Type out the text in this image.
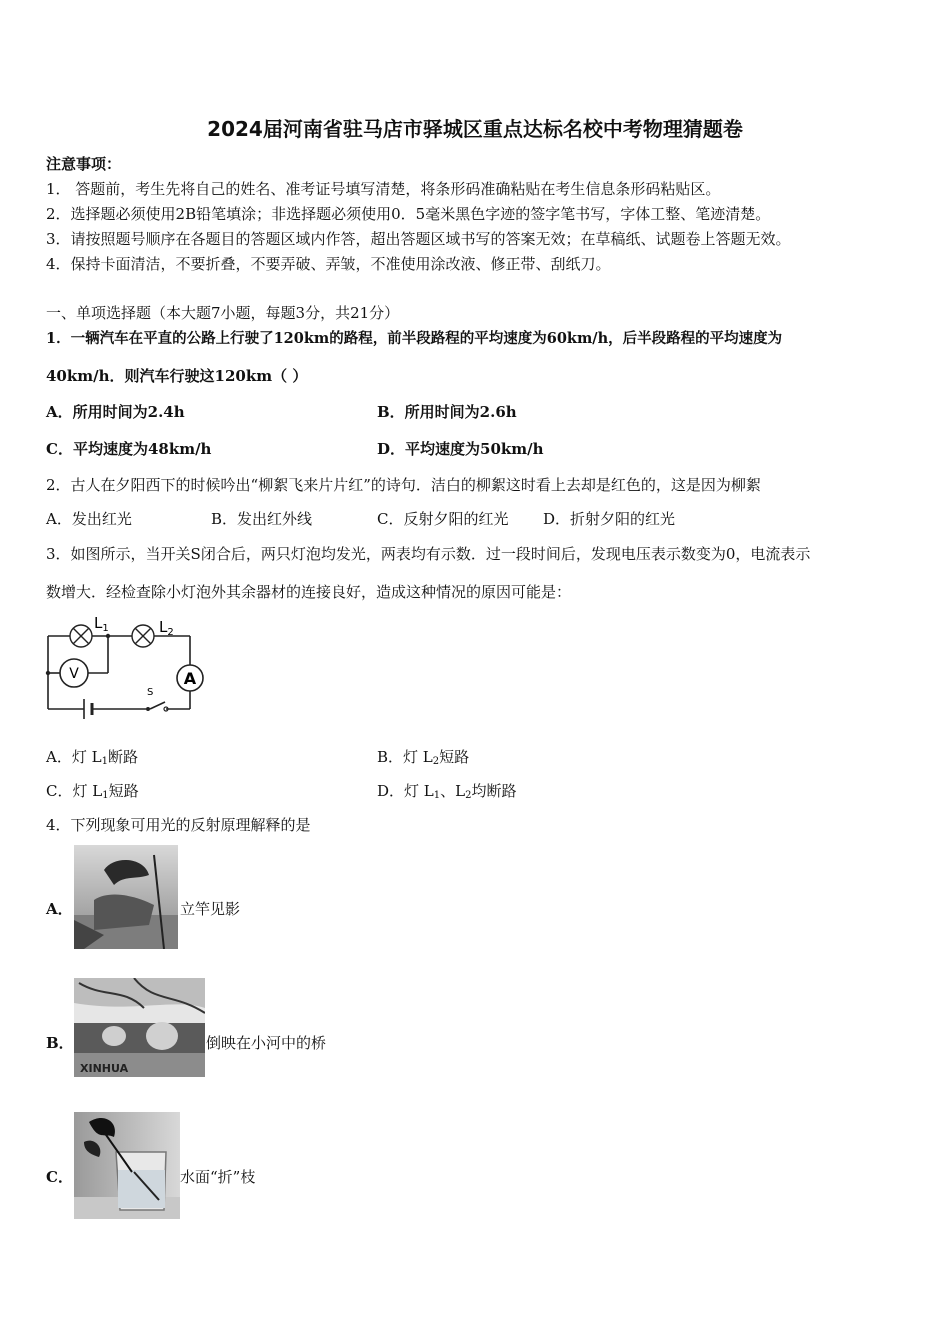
2024届河南省驻马店市驿城区重点达标名校中考物理猜题卷
注意事项：
1． 答题前，考生先将自己的姓名、准考证号填写清楚，将条形码准确粘贴在考生信息条形码粘贴区。
2．选择题必须使用2B铅笔填涂；非选择题必须使用0．5毫米黑色字迹的签字笔书写，字体工整、笔迹清楚。
3．请按照题号顺序在各题目的答题区域内作答，超出答题区域书写的答案无效；在草稿纸、试题卷上答题无效。
4．保持卡面清洁，不要折叠，不要弄破、弄皱，不准使用涂改液、修正带、刮纸刀。
一、单项选择题（本大题7小题，每题3分，共21分）
1．一辆汽车在平直的公路上行驶了120km的路程，前半段路程的平均速度为60km/h，后半段路程的平均速度为
40km/h．则汽车行驶这120km（ ）
A．所用时间为2.4h	B．所用时间为2.6h
C．平均速度为48km/h	D．平均速度为50km/h
2．古人在夕阳西下的时候吟出“柳絮飞来片片红”的诗句．洁白的柳絮这时看上去却是红色的，这是因为柳絮
A．发出红光	B．发出红外线	C．反射夕阳的红光 D．折射夕阳的红光
3．如图所示，当开关S闭合后，两只灯泡均发光，两表均有示数．过一段时间后，发现电压表示数变为0，电流表示
数增大．经检查除小灯泡外其余器材的连接良好，造成这种情况的原因可能是：
V	A
S
$L_1$	$L_2$
A．灯 $L_1$断路	B．灯 $L_2$短路
C．灯 $L_1$短路	D．灯 $L_1$、$L_2$均断路
4．下列现象可用光的反射原理解释的是
A．	立竿见影
B．
XINHUA
倒映在小河中的桥
C．	水面“折”枝
